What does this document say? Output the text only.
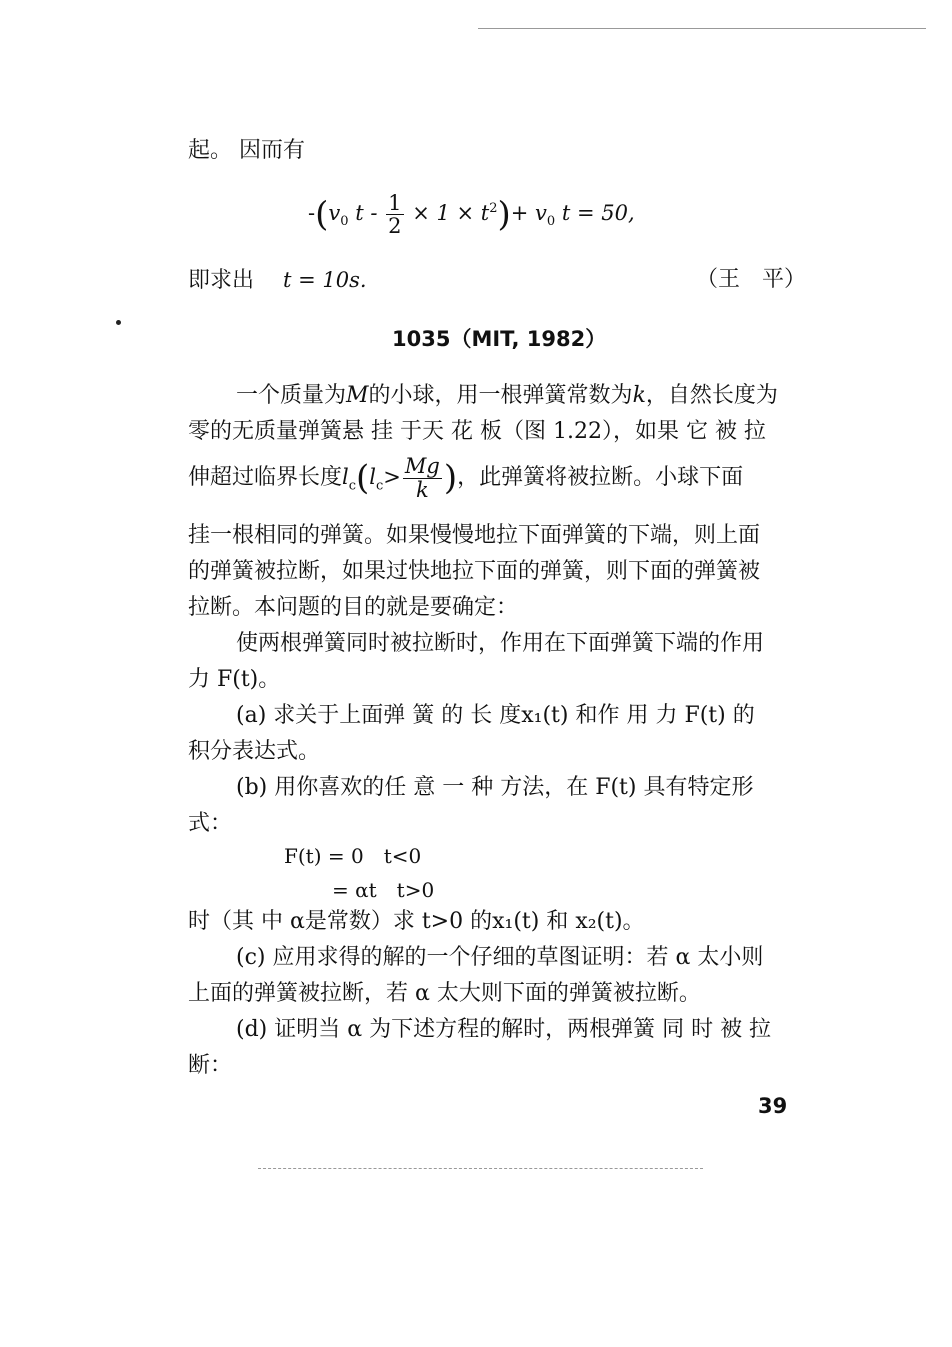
起。 因而有
$-(v_0$ $t - \frac{1}{2} \times 1 \times t^2)+ v_0$ t = 50,
即求出 t = 10s.	（王　平）
1035（MIT, 1982）
一个质量为M的小球，用一根弹簧常数为k，自然长度为
零的无质量弹簧悬 挂 于天 花 板（图 1.22），如果 它 被 拉
伸超过临界长度$l_c(l_c> \frac{Mg}{k}$ )，此弹簧将被拉断。小球下面
挂一根相同的弹簧。如果慢慢地拉下面弹簧的下端，则上面
的弹簧被拉断，如果过快地拉下面的弹簧，则下面的弹簧被
拉断。本问题的目的就是要确定：
使两根弹簧同时被拉断时，作用在下面弹簧下端的作用
力 F(t)。
(a) 求关于上面弹 簧 的 长 度x₁(t) 和作 用 力 F(t) 的
积分表达式。
(b) 用你喜欢的任 意 一 种 方法，在 F(t) 具有特定形
式：
F(t) = 0　t<0
= αt　t>0
时（其 中 α是常数）求 t>0 的x₁(t) 和 x₂(t)。
(c) 应用求得的解的一个仔细的草图证明：若 α 太小则
上面的弹簧被拉断，若 α 太大则下面的弹簧被拉断。
(d) 证明当 α 为下述方程的解时，两根弹簧 同 时 被 拉
断：
39
